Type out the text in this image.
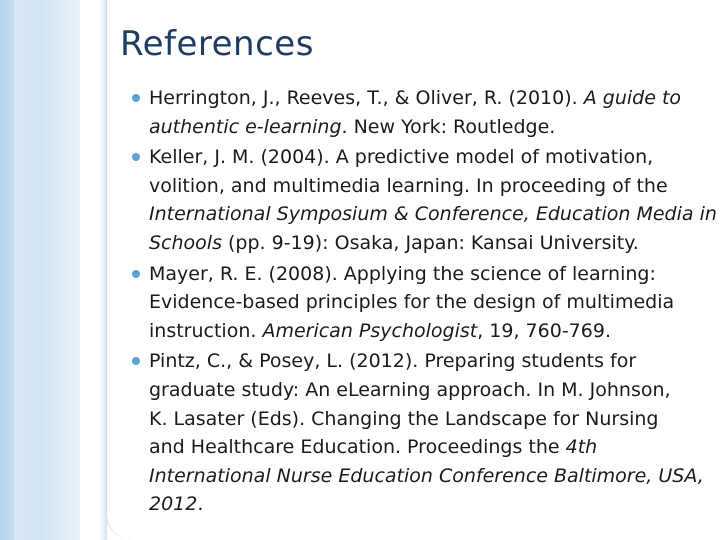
References
Herrington, J., Reeves, T., & Oliver, R. (2010). A guide to
authentic e-learning. New York: Routledge.
Keller, J. M. (2004). A predictive model of motivation,
volition, and multimedia learning. In proceeding of the
International Symposium & Conference, Education Media in
Schools (pp. 9-19): Osaka, Japan: Kansai University.
Mayer, R. E. (2008). Applying the science of learning:
Evidence-based principles for the design of multimedia
instruction. American Psychologist, 19, 760-769.
Pintz, C., & Posey, L. (2012). Preparing students for
graduate study: An eLearning approach. In M. Johnson,
K. Lasater (Eds). Changing the Landscape for Nursing
and Healthcare Education. Proceedings the 4th
International Nurse Education Conference Baltimore, USA,
2012.
